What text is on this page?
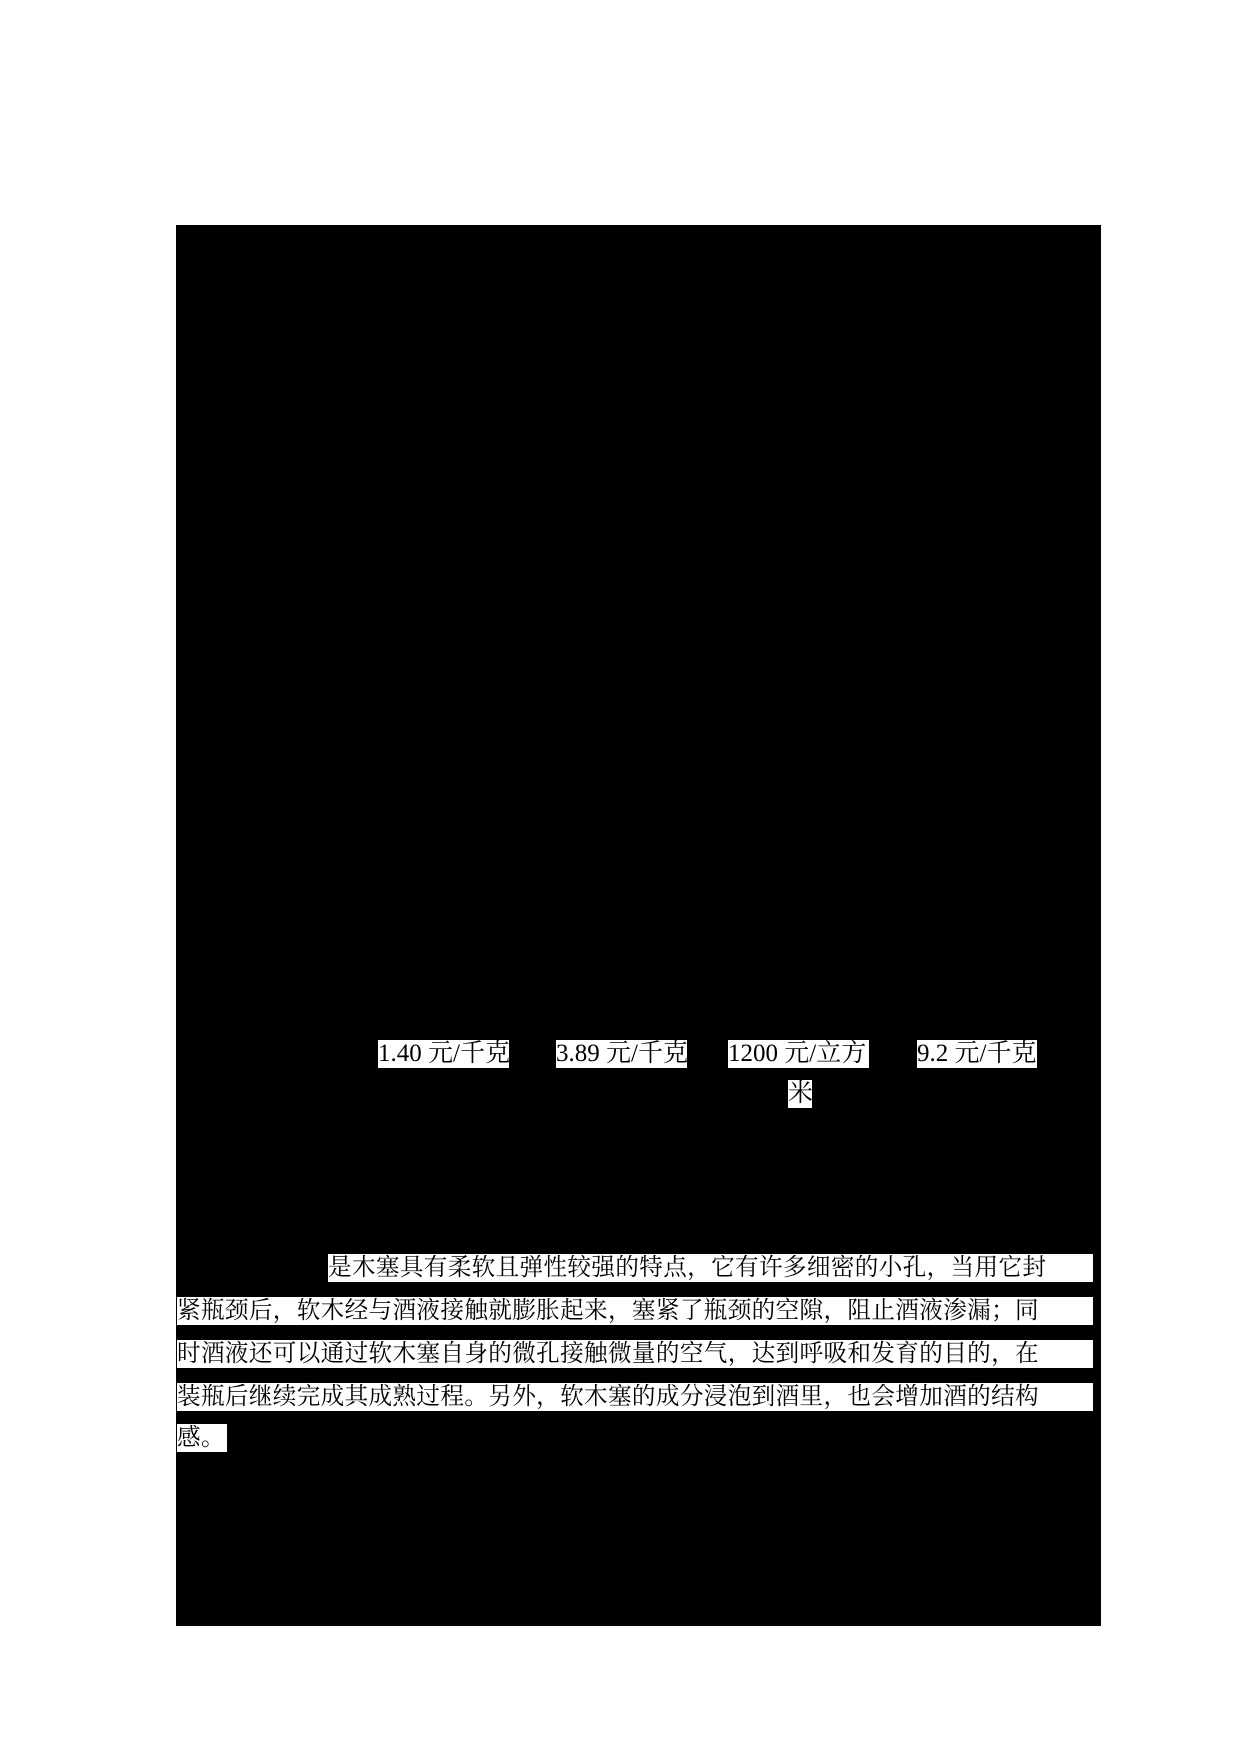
1.40 元/千克 3.89 元/千克 1200 元/立方
米
9.2 元/千克
是木塞具有柔软且弹性较强的特点，它有许多细密的小孔，当用它封
紧瓶颈后，软木经与酒液接触就膨胀起来，塞紧了瓶颈的空隙，阻止酒液渗漏；同
时酒液还可以通过软木塞自身的微孔接触微量的空气，达到呼吸和发育的目的，在
装瓶后继续完成其成熟过程。另外，软木塞的成分浸泡到酒里，也会增加酒的结构
感。
